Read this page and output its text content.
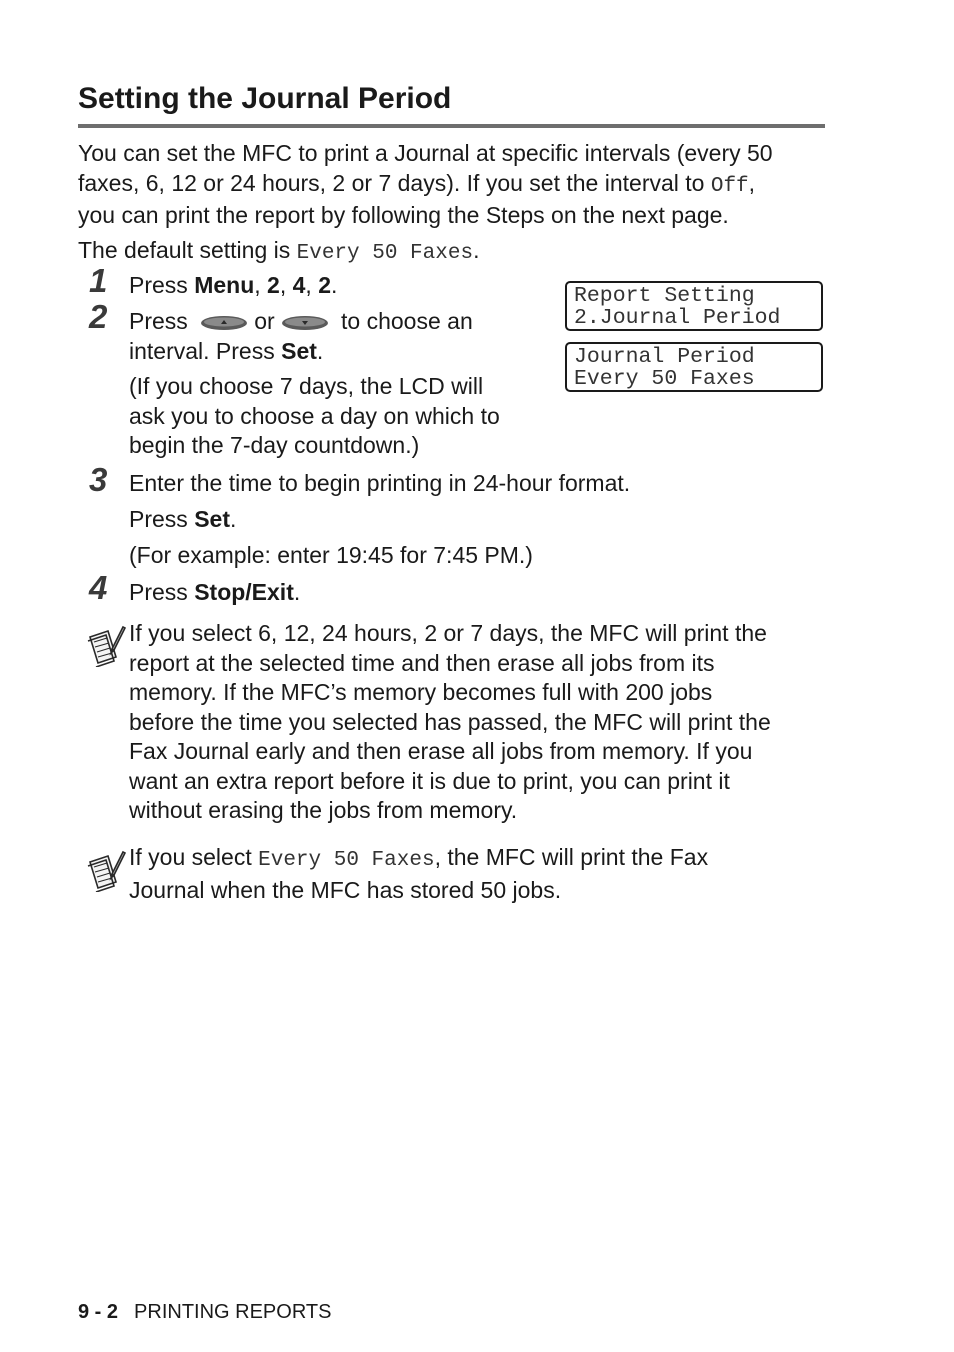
Setting the Journal Period
You can set the MFC to print a Journal at specific intervals (every 50
faxes, 6, 12 or 24 hours, 2 or 7 days). If you set the interval to Off,
you can print the report by following the Steps on the next page.
The default setting is Every 50 Faxes.
1 Press Menu, 2, 4, 2.
2 Press	or	to choose an
interval. Press Set.
(If you choose 7 days, the LCD will
ask you to choose a day on which to
begin the 7-day countdown.)
Report Setting
2.Journal Period
Journal Period
Every 50 Faxes
3 Enter the time to begin printing in 24-hour format.
Press Set.
(For example: enter 19:45 for 7:45 PM.)
4 Press Stop/Exit.
If you select 6, 12, 24 hours, 2 or 7 days, the MFC will print the
report at the selected time and then erase all jobs from its
memory. If the MFC’s memory becomes full with 200 jobs
before the time you selected has passed, the MFC will print the
Fax Journal early and then erase all jobs from memory. If you
want an extra report before it is due to print, you can print it
without erasing the jobs from memory.
If you select Every 50 Faxes, the MFC will print the Fax
Journal when the MFC has stored 50 jobs.
9 - 2 PRINTING REPORTS
